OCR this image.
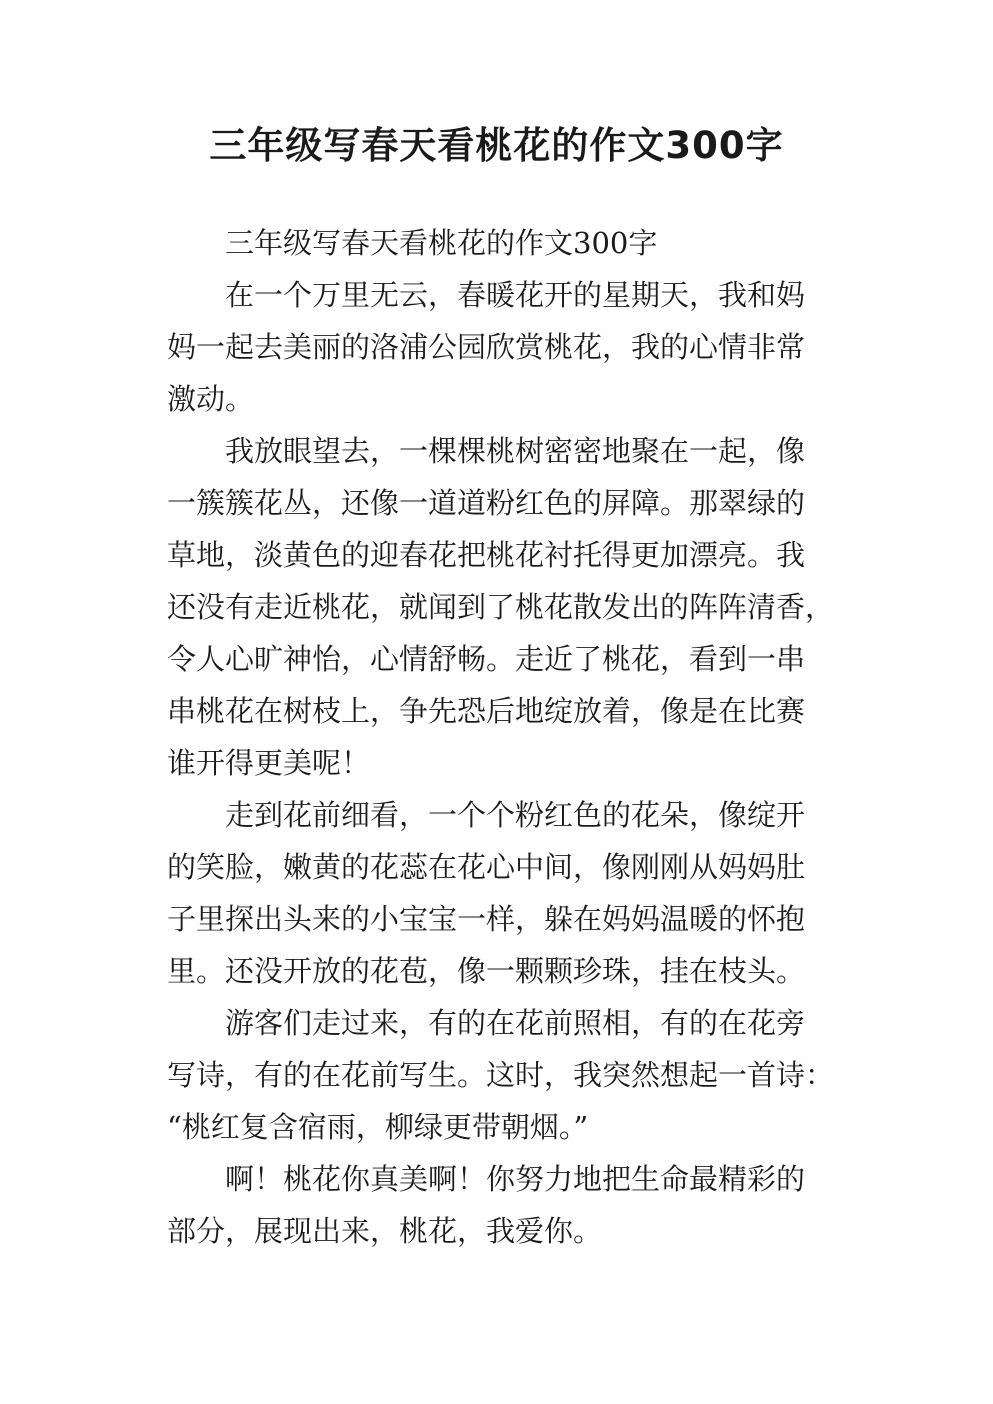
三年级写春天看桃花的作文300字

三年级写春天看桃花的作文300字

在一个万里无云，春暖花开的星期天，我和妈
妈一起去美丽的洛浦公园欣赏桃花，我的心情非常
激动。

我放眼望去，一棵棵桃树密密地聚在一起，像
一簇簇花丛，还像一道道粉红色的屏障。那翠绿的
草地，淡黄色的迎春花把桃花衬托得更加漂亮。我
还没有走近桃花，就闻到了桃花散发出的阵阵清香，
令人心旷神怡，心情舒畅。走近了桃花，看到一串
串桃花在树枝上，争先恐后地绽放着，像是在比赛
谁开得更美呢！

走到花前细看，一个个粉红色的花朵，像绽开
的笑脸，嫩黄的花蕊在花心中间，像刚刚从妈妈肚
子里探出头来的小宝宝一样，躲在妈妈温暖的怀抱
里。还没开放的花苞，像一颗颗珍珠，挂在枝头。

游客们走过来，有的在花前照相，有的在花旁
写诗，有的在花前写生。这时，我突然想起一首诗：
“桃红复含宿雨，柳绿更带朝烟。”

啊！桃花你真美啊！你努力地把生命最精彩的
部分，展现出来，桃花，我爱你。
